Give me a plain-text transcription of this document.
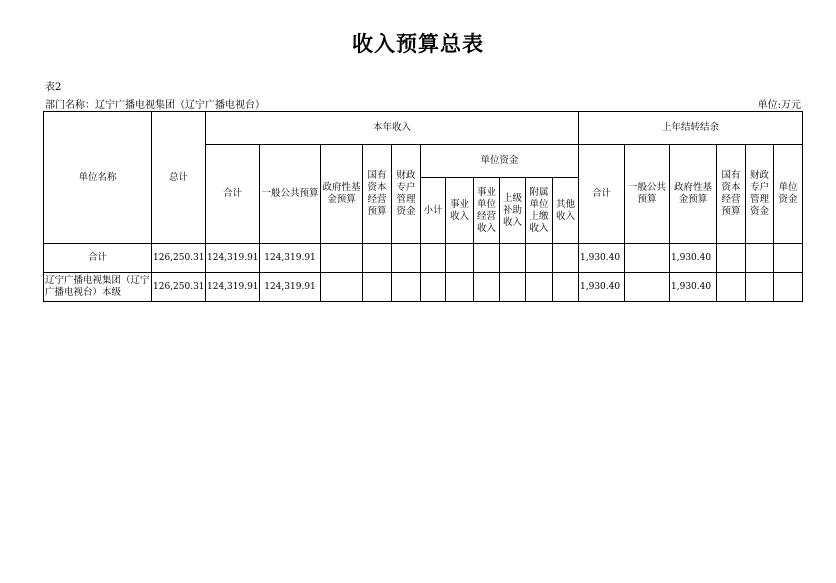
收入预算总表
表2
部门名称：辽宁广播电视集团（辽宁广播电视台）	单位:万元
单位名称	总计	本年收入											上年结转结余					
		合计	一般公共预算	政府性基金预算	国有资本经营预算	财政专户管理资金	单位资金						合计	一般公共预算	政府性基金预算	国有资本经营预算	财政专户管理资金	单位资金
							小计	事业收入	事业单位经营收入	上级补助收入	附属单位上缴收入	其他收入						
合计	126,250.31	124,319.91	124,319.91										1,930.40		1,930.40			
辽宁广播电视集团（辽宁广播电视台）本级	126,250.31	124,319.91	124,319.91										1,930.40		1,930.40			
